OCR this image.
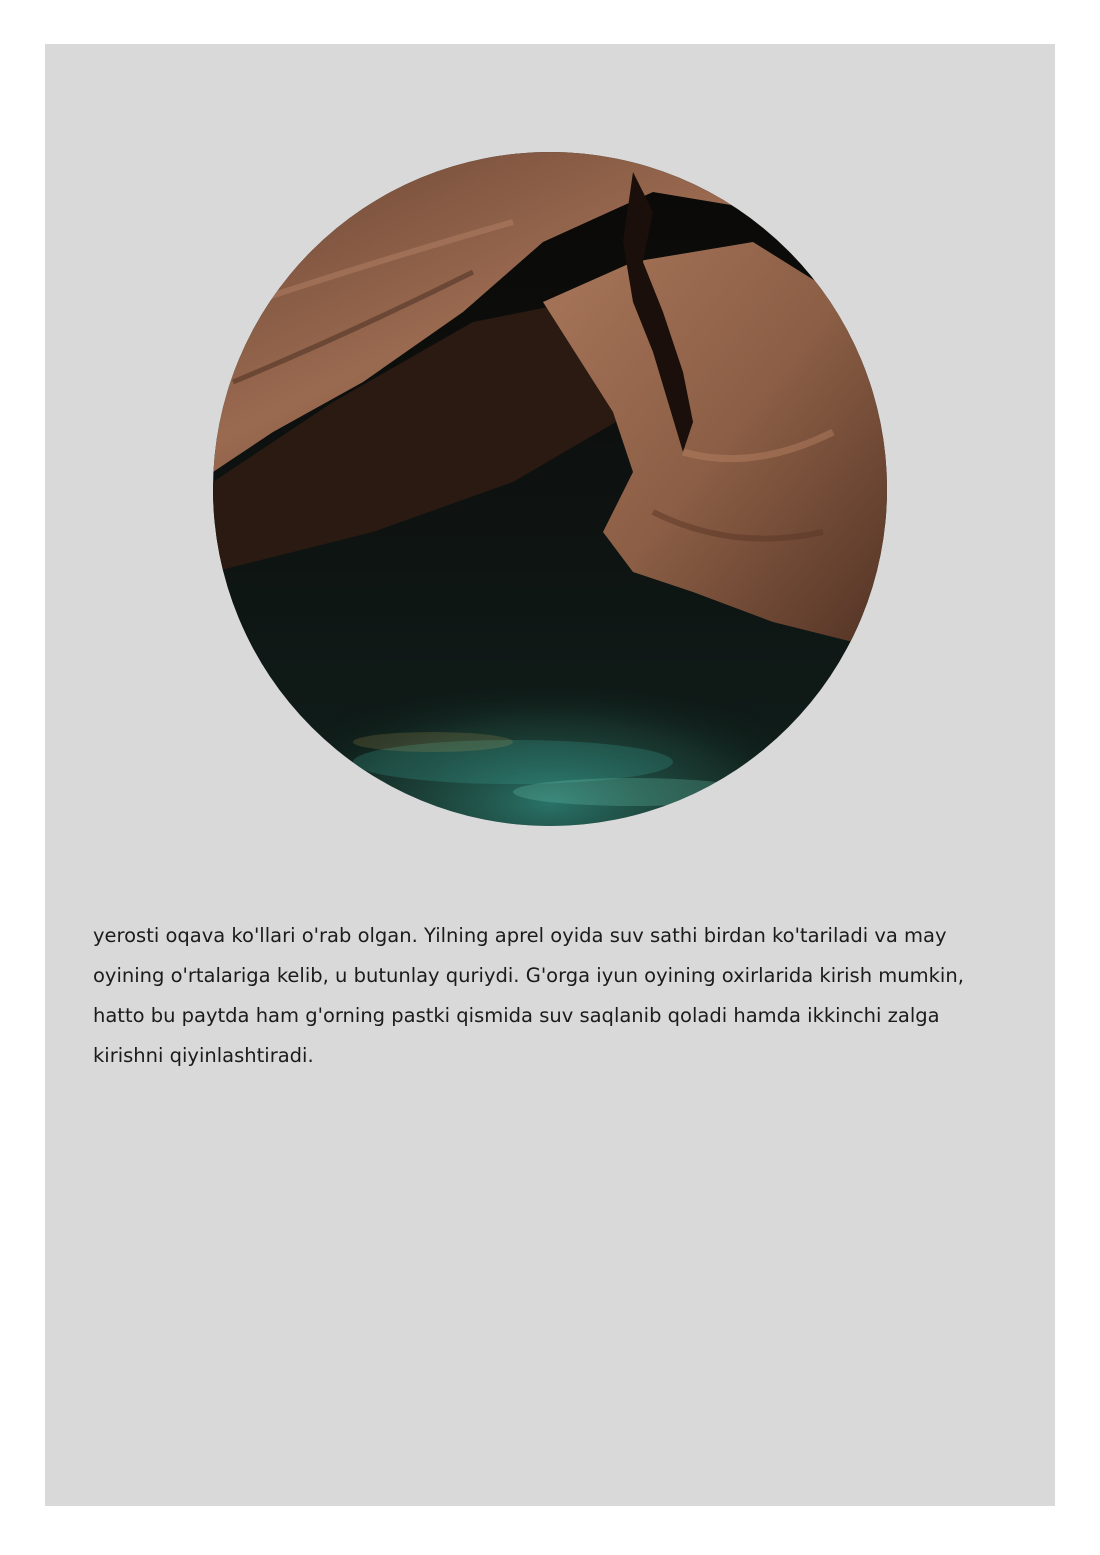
yerosti oqava ko'llari o'rab olgan. Yilning aprel oyida suv sathi birdan ko'tariladi va may oyining o'rtalariga kelib, u butunlay quriydi. G'orga iyun oyining oxirlarida kirish mumkin, hatto bu paytda ham g'orning pastki qismida suv saqlanib qoladi hamda ikkinchi zalga kirishni qiyinlashtiradi.
